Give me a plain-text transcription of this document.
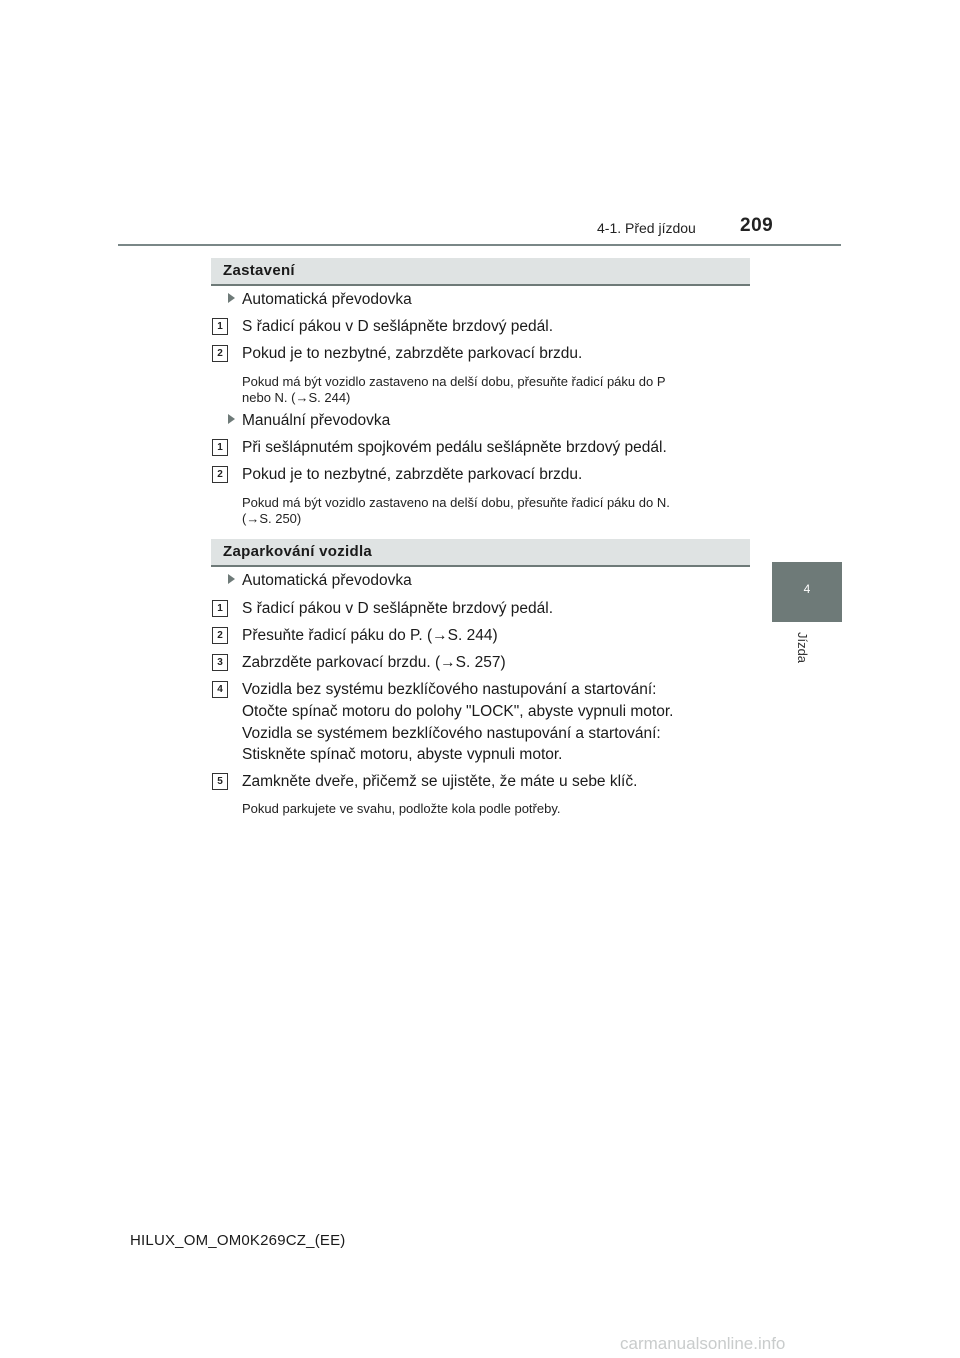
4-1. Před jízdou 209
4
Jízda
Zastavení
Automatická převodovka
1	S řadicí pákou v D sešlápněte brzdový pedál.
2	Pokud je to nezbytné, zabrzděte parkovací brzdu.
Pokud má být vozidlo zastaveno na delší dobu, přesuňte řadicí páku do P
nebo N. (→S. 244)
Manuální převodovka
1	Při sešlápnutém spojkovém pedálu sešlápněte brzdový pedál.
2	Pokud je to nezbytné, zabrzděte parkovací brzdu.
Pokud má být vozidlo zastaveno na delší dobu, přesuňte řadicí páku do N.
(→S. 250)
Zaparkování vozidla
Automatická převodovka
1	S řadicí pákou v D sešlápněte brzdový pedál.
2	Přesuňte řadicí páku do P. (→S. 244)
3	Zabrzděte parkovací brzdu. (→S. 257)
4	Vozidla bez systému bezklíčového nastupování a startování:
Otočte spínač motoru do polohy "LOCK", abyste vypnuli motor.
Vozidla se systémem bezklíčového nastupování a startování:
Stiskněte spínač motoru, abyste vypnuli motor.
5	Zamkněte dveře, přičemž se ujistěte, že máte u sebe klíč.
Pokud parkujete ve svahu, podložte kola podle potřeby.
HILUX_OM_OM0K269CZ_(EE)
carmanualsonline.info
